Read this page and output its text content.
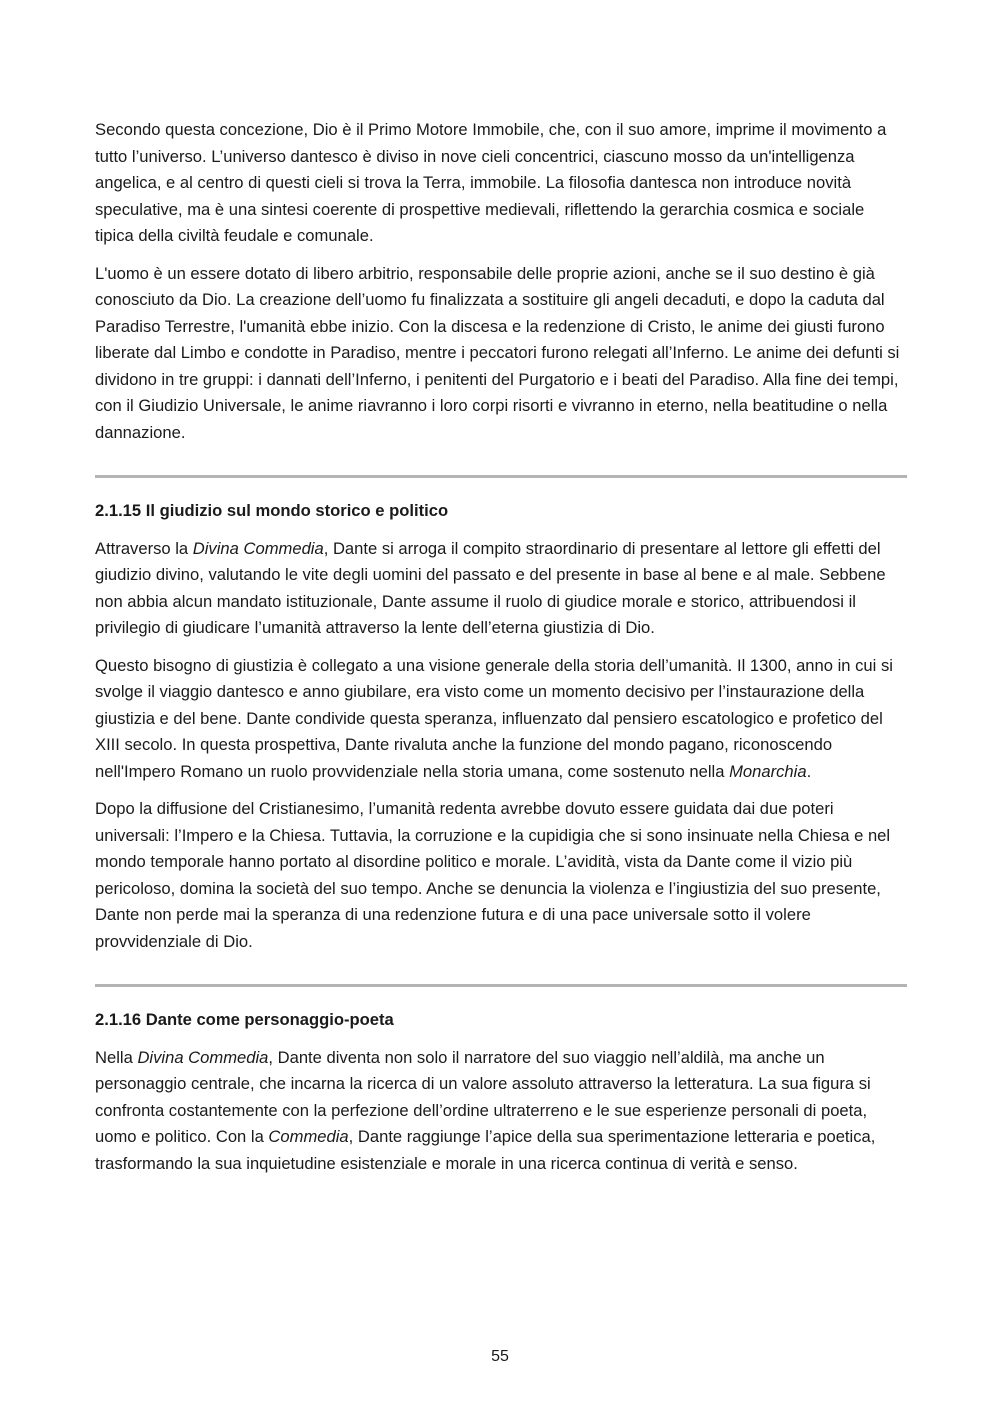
Secondo questa concezione, Dio è il Primo Motore Immobile, che, con il suo amore, imprime il movimento a tutto l’universo. L’universo dantesco è diviso in nove cieli concentrici, ciascuno mosso da un'intelligenza angelica, e al centro di questi cieli si trova la Terra, immobile. La filosofia dantesca non introduce novità speculative, ma è una sintesi coerente di prospettive medievali, riflettendo la gerarchia cosmica e sociale tipica della civiltà feudale e comunale.

L'uomo è un essere dotato di libero arbitrio, responsabile delle proprie azioni, anche se il suo destino è già conosciuto da Dio. La creazione dell’uomo fu finalizzata a sostituire gli angeli decaduti, e dopo la caduta dal Paradiso Terrestre, l'umanità ebbe inizio. Con la discesa e la redenzione di Cristo, le anime dei giusti furono liberate dal Limbo e condotte in Paradiso, mentre i peccatori furono relegati all’Inferno. Le anime dei defunti si dividono in tre gruppi: i dannati dell’Inferno, i penitenti del Purgatorio e i beati del Paradiso. Alla fine dei tempi, con il Giudizio Universale, le anime riavranno i loro corpi risorti e vivranno in eterno, nella beatitudine o nella dannazione.

2.1.15 Il giudizio sul mondo storico e politico

Attraverso la Divina Commedia, Dante si arroga il compito straordinario di presentare al lettore gli effetti del giudizio divino, valutando le vite degli uomini del passato e del presente in base al bene e al male. Sebbene non abbia alcun mandato istituzionale, Dante assume il ruolo di giudice morale e storico, attribuendosi il privilegio di giudicare l’umanità attraverso la lente dell’eterna giustizia di Dio.

Questo bisogno di giustizia è collegato a una visione generale della storia dell’umanità. Il 1300, anno in cui si svolge il viaggio dantesco e anno giubilare, era visto come un momento decisivo per l’instaurazione della giustizia e del bene. Dante condivide questa speranza, influenzato dal pensiero escatologico e profetico del XIII secolo. In questa prospettiva, Dante rivaluta anche la funzione del mondo pagano, riconoscendo nell'Impero Romano un ruolo provvidenziale nella storia umana, come sostenuto nella Monarchia.

Dopo la diffusione del Cristianesimo, l’umanità redenta avrebbe dovuto essere guidata dai due poteri universali: l’Impero e la Chiesa. Tuttavia, la corruzione e la cupidigia che si sono insinuate nella Chiesa e nel mondo temporale hanno portato al disordine politico e morale. L’avidità, vista da Dante come il vizio più pericoloso, domina la società del suo tempo. Anche se denuncia la violenza e l’ingiustizia del suo presente, Dante non perde mai la speranza di una redenzione futura e di una pace universale sotto il volere provvidenziale di Dio.

2.1.16 Dante come personaggio-poeta

Nella Divina Commedia, Dante diventa non solo il narratore del suo viaggio nell’aldilà, ma anche un personaggio centrale, che incarna la ricerca di un valore assoluto attraverso la letteratura. La sua figura si confronta costantemente con la perfezione dell’ordine ultraterreno e le sue esperienze personali di poeta, uomo e politico. Con la Commedia, Dante raggiunge l’apice della sua sperimentazione letteraria e poetica, trasformando la sua inquietudine esistenziale e morale in una ricerca continua di verità e senso.

55
